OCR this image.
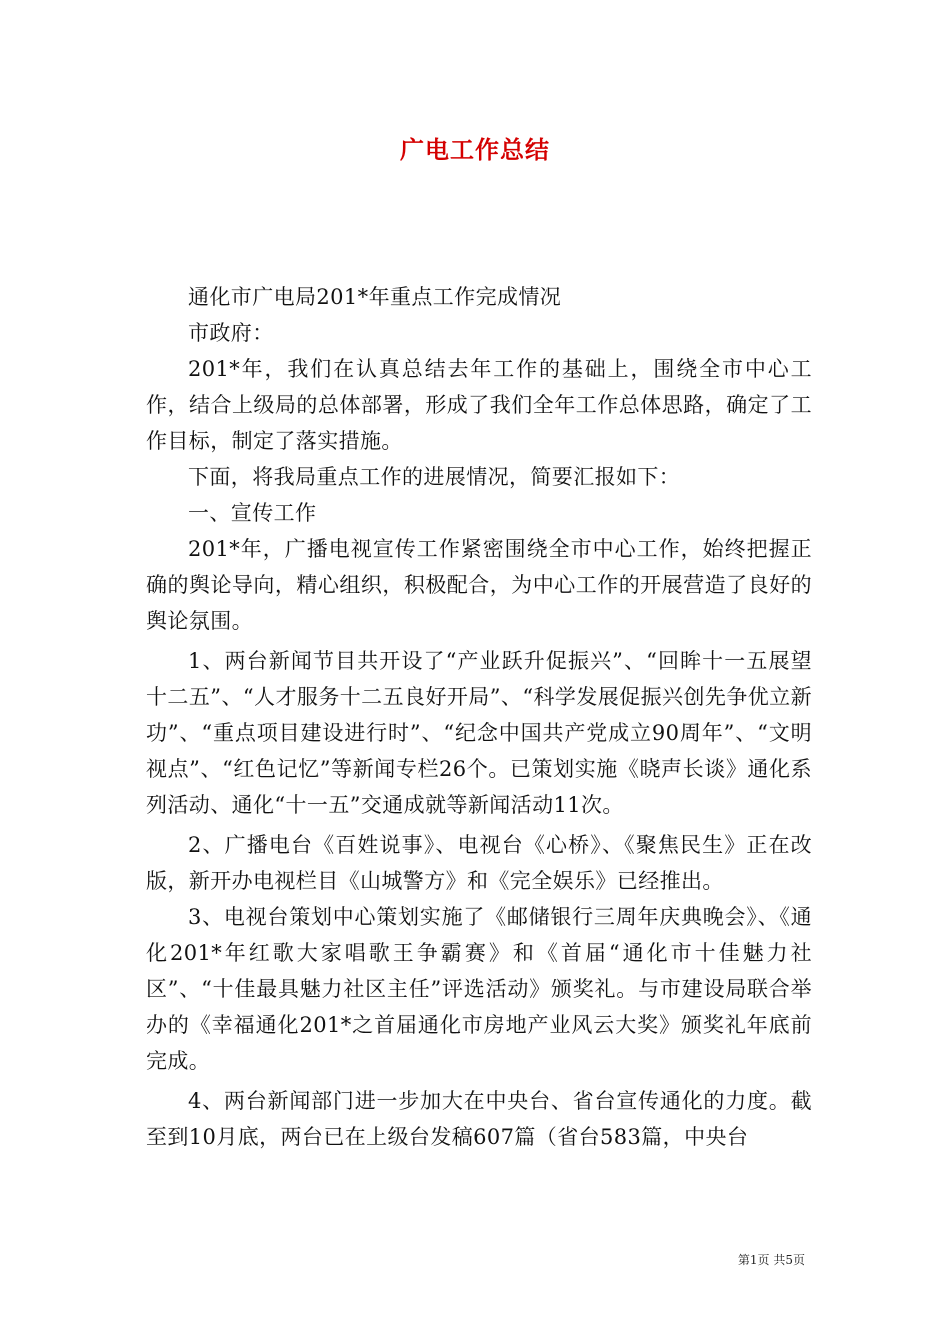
广电工作总结

通化市广电局201*年重点工作完成情况

市政府：

201*年，我们在认真总结去年工作的基础上，围绕全市中心工作，结合上级局的总体部署，形成了我们全年工作总体思路，确定了工作目标，制定了落实措施。

下面，将我局重点工作的进展情况，简要汇报如下：

一、宣传工作

201*年，广播电视宣传工作紧密围绕全市中心工作，始终把握正确的舆论导向，精心组织，积极配合，为中心工作的开展营造了良好的舆论氛围。

1、两台新闻节目共开设了“产业跃升促振兴”、“回眸十一五展望十二五”、“人才服务十二五良好开局”、“科学发展促振兴创先争优立新功”、“重点项目建设进行时”、“纪念中国共产党成立90周年”、“文明视点”、“红色记忆”等新闻专栏26个。已策划实施《晓声长谈》通化系列活动、通化“十一五”交通成就等新闻活动11次。

2、广播电台《百姓说事》、电视台《心桥》、《聚焦民生》正在改版，新开办电视栏目《山城警方》和《完全娱乐》已经推出。

3、电视台策划中心策划实施了《邮储银行三周年庆典晚会》、《通化201*年红歌大家唱歌王争霸赛》和《首届“通化市十佳魅力社区”、“十佳最具魅力社区主任”评选活动》颁奖礼。与市建设局联合举办的《幸福通化201*之首届通化市房地产业风云大奖》颁奖礼年底前完成。

4、两台新闻部门进一步加大在中央台、省台宣传通化的力度。截至到10月底，两台已在上级台发稿607篇（省台583篇，中央台

第1页 共5页
